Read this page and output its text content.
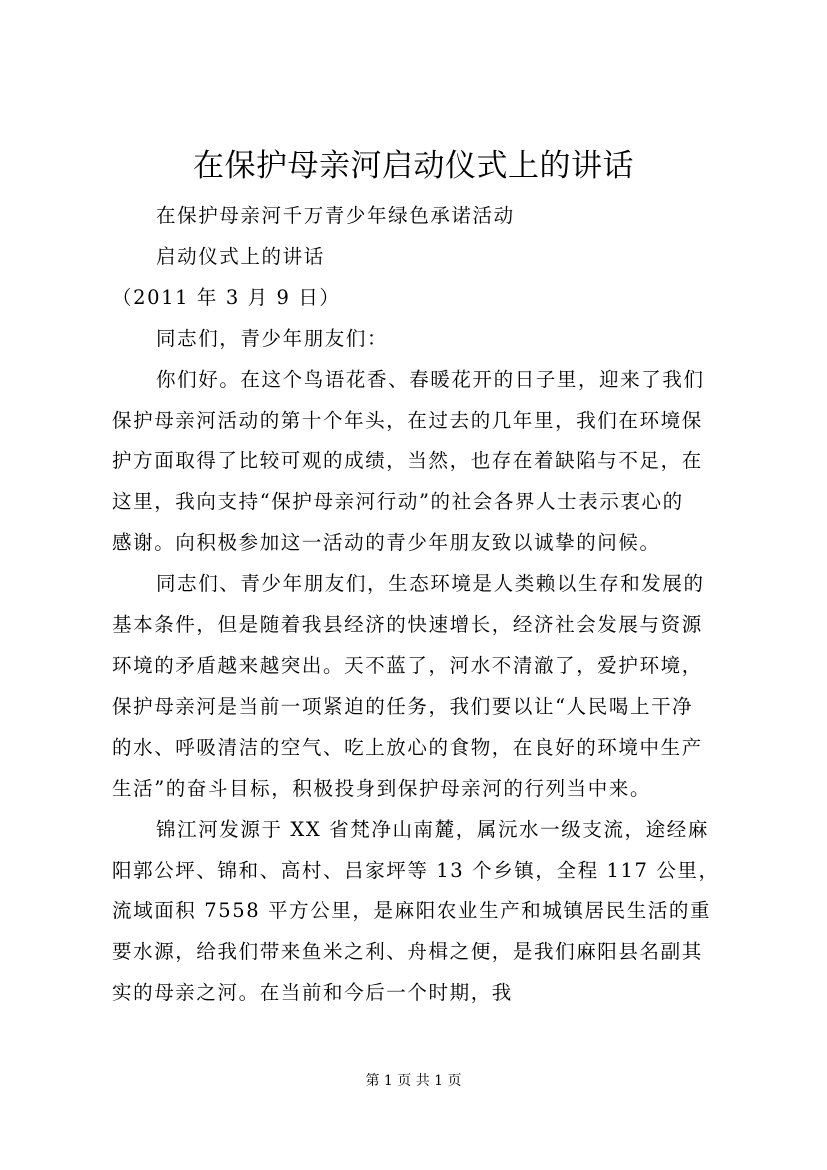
在保护母亲河启动仪式上的讲话

在保护母亲河千万青少年绿色承诺活动

启动仪式上的讲话

（2011 年 3 月 9 日）

同志们，青少年朋友们：

你们好。在这个鸟语花香、春暖花开的日子里，迎来了我们

保护母亲河活动的第十个年头，在过去的几年里，我们在环境保

护方面取得了比较可观的成绩，当然，也存在着缺陷与不足，在

这里，我向支持“保护母亲河行动”的社会各界人士表示衷心的

感谢。向积极参加这一活动的青少年朋友致以诚挚的问候。

同志们、青少年朋友们，生态环境是人类赖以生存和发展的

基本条件，但是随着我县经济的快速增长，经济社会发展与资源

环境的矛盾越来越突出。天不蓝了，河水不清澈了，爱护环境，

保护母亲河是当前一项紧迫的任务，我们要以让“人民喝上干净

的水、呼吸清洁的空气、吃上放心的食物，在良好的环境中生产

生活”的奋斗目标，积极投身到保护母亲河的行列当中来。

锦江河发源于 XX 省梵净山南麓，属沅水一级支流，途经麻

阳郭公坪、锦和、高村、吕家坪等 13 个乡镇，全程 117 公里，

流域面积 7558 平方公里，是麻阳农业生产和城镇居民生活的重

要水源，给我们带来鱼米之利、舟楫之便，是我们麻阳县名副其

实的母亲之河。在当前和今后一个时期，我

第 1 页 共 1 页
